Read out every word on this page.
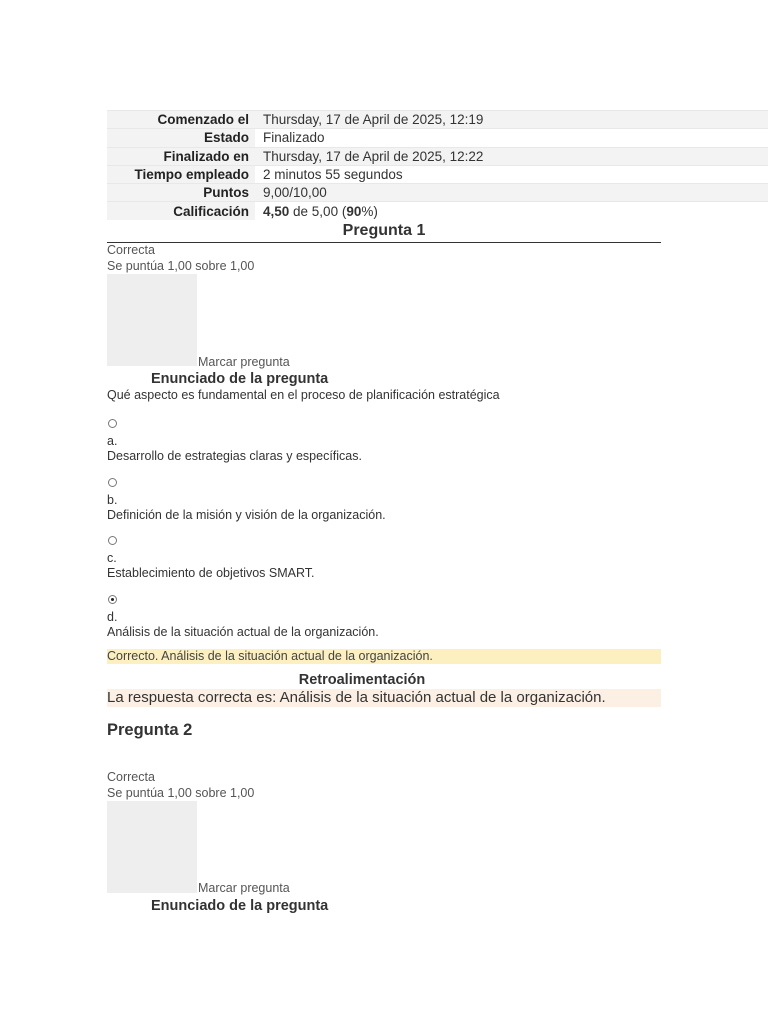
Comenzado el	Thursday, 17 de April de 2025, 12:19
Estado	Finalizado
Finalizado en	Thursday, 17 de April de 2025, 12:22
Tiempo empleado	2 minutos 55 segundos
Puntos	9,00/10,00
Calificación	4,50 de 5,00 (90%)
Pregunta 1
Correcta
Se puntúa 1,00 sobre 1,00
Marcar pregunta
Enunciado de la pregunta
Qué aspecto es fundamental en el proceso de planificación estratégica
a.
Desarrollo de estrategias claras y específicas.
b.
Definición de la misión y visión de la organización.
c.
Establecimiento de objetivos SMART.
d.
Análisis de la situación actual de la organización.
Correcto. Análisis de la situación actual de la organización.
Retroalimentación
La respuesta correcta es: Análisis de la situación actual de la organización.
Pregunta 2
Correcta
Se puntúa 1,00 sobre 1,00
Marcar pregunta
Enunciado de la pregunta
